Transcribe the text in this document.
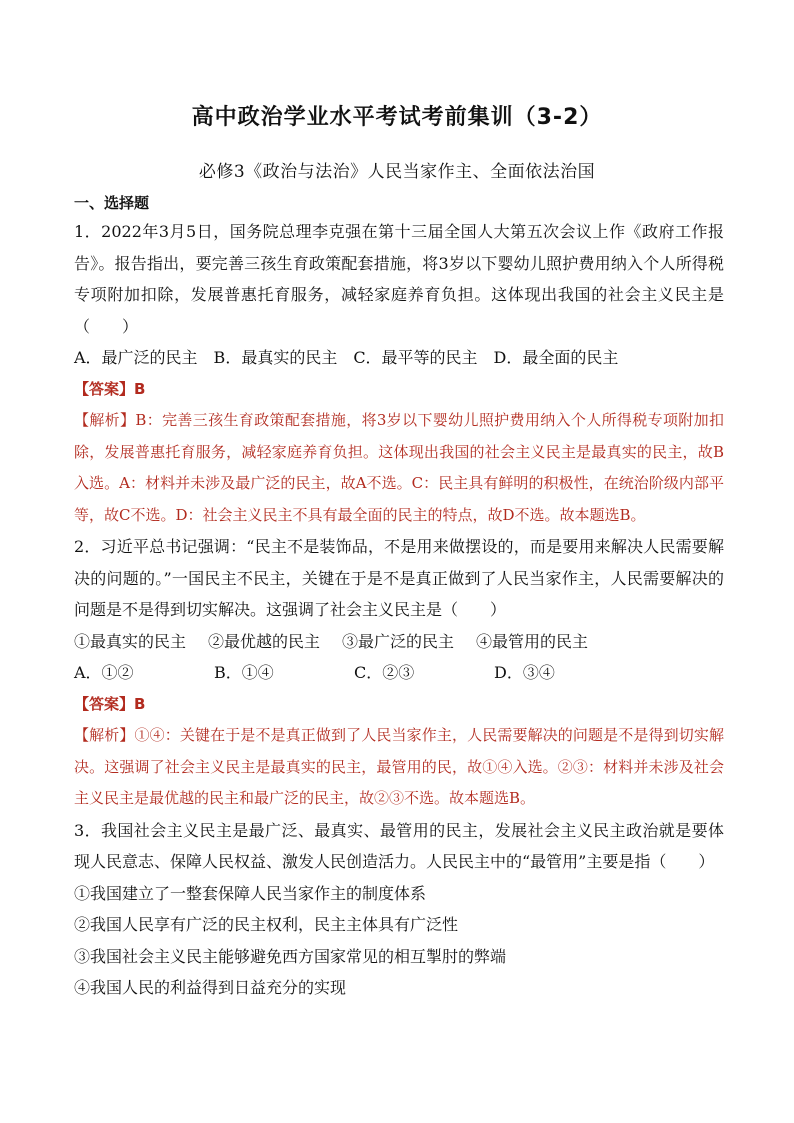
高中政治学业水平考试考前集训（3-2）
必修3《政治与法治》人民当家作主、全面依法治国

一、选择题

1．2022年3月5日，国务院总理李克强在第十三届全国人大第五次会议上作《政府工作报告》。报告指出，要完善三孩生育政策配套措施，将3岁以下婴幼儿照护费用纳入个人所得税专项附加扣除，发展普惠托育服务，减轻家庭养育负担。这体现出我国的社会主义民主是（　　）

A．最广泛的民主　B．最真实的民主　C．最平等的民主　D．最全面的民主

【答案】B

【解析】B：完善三孩生育政策配套措施，将3岁以下婴幼儿照护费用纳入个人所得税专项附加扣除，发展普惠托育服务，减轻家庭养育负担。这体现出我国的社会主义民主是最真实的民主，故B入选。A：材料并未涉及最广泛的民主，故A不选。C：民主具有鲜明的积极性，在统治阶级内部平等，故C不选。D：社会主义民主不具有最全面的民主的特点，故D不选。故本题选B。

2．习近平总书记强调：“民主不是装饰品，不是用来做摆设的，而是要用来解决人民需要解决的问题的。”一国民主不民主，关键在于是不是真正做到了人民当家作主，人民需要解决的问题是不是得到切实解决。这强调了社会主义民主是（　　）

①最真实的民主 ②最优越的民主 ③最广泛的民主 ④最管用的民主
A．①②	B．①④	C．②③	D．③④

【答案】B

【解析】①④：关键在于是不是真正做到了人民当家作主，人民需要解决的问题是不是得到切实解决。这强调了社会主义民主是最真实的民主，最管用的民，故①④入选。②③：材料并未涉及社会主义民主是最优越的民主和最广泛的民主，故②③不选。故本题选B。

3．我国社会主义民主是最广泛、最真实、最管用的民主，发展社会主义民主政治就是要体现人民意志、保障人民权益、激发人民创造活力。人民民主中的“最管用”主要是指（　　）

①我国建立了一整套保障人民当家作主的制度体系

②我国人民享有广泛的民主权利，民主主体具有广泛性

③我国社会主义民主能够避免西方国家常见的相互掣肘的弊端

④我国人民的利益得到日益充分的实现
